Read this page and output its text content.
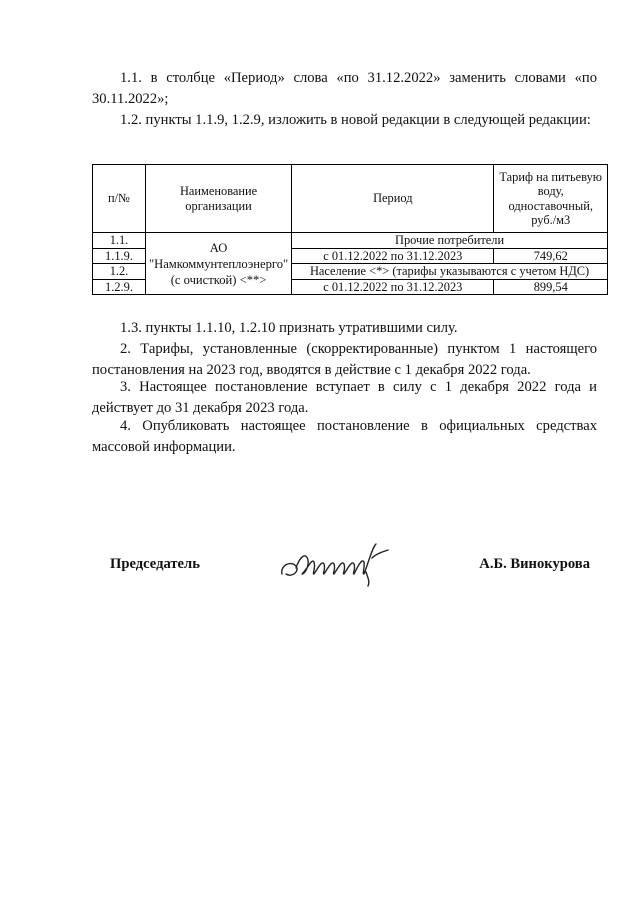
1.1. в столбце «Период» слова «по 31.12.2022» заменить словами «по 30.11.2022»;

1.2. пункты 1.1.9, 1.2.9, изложить в новой редакции в следующей редакции:

п/№	Наименование организации	Период	Тариф на питьевую воду, одноставочный, руб./м3
1.1.	АО "Намкоммунтеплоэнерго" (с очисткой) <**>	Прочие потребители	
1.1.9.		с 01.12.2022 по 31.12.2023	749,62
1.2.		Население <*> (тарифы указываются с учетом НДС)	
1.2.9.		с 01.12.2022 по 31.12.2023	899,54

1.3. пункты 1.1.10, 1.2.10 признать утратившими силу.

2. Тарифы, установленные (скорректированные) пунктом 1 настоящего постановления на 2023 год, вводятся в действие с 1 декабря 2022 года.

3. Настоящее постановление вступает в силу с 1 декабря 2022 года и действует до 31 декабря 2023 года.

4. Опубликовать настоящее постановление в официальных средствах массовой информации.

Председатель	А.Б. Винокурова
